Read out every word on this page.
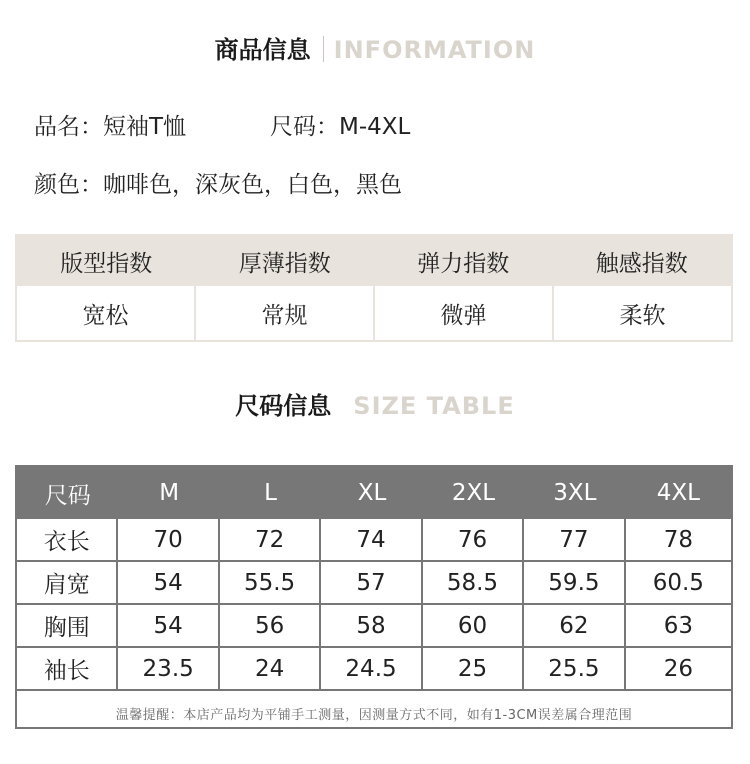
商品信息 INFORMATION
品名：短袖T恤	尺码：M-4XL
颜色：咖啡色，深灰色，白色，黑色
版型指数	厚薄指数	弹力指数	触感指数
宽松	常规	微弹	柔软
尺码信息 SIZE TABLE
尺码	M	L	XL	2XL	3XL	4XL
衣长	70	72	74	76	77	78
肩宽	54	55.5	57	58.5	59.5	60.5
胸围	54	56	58	60	62	63
袖长	23.5	24	24.5	25	25.5	26
温馨提醒：本店产品均为平铺手工测量，因测量方式不同，如有1-3CM误差属合理范围
